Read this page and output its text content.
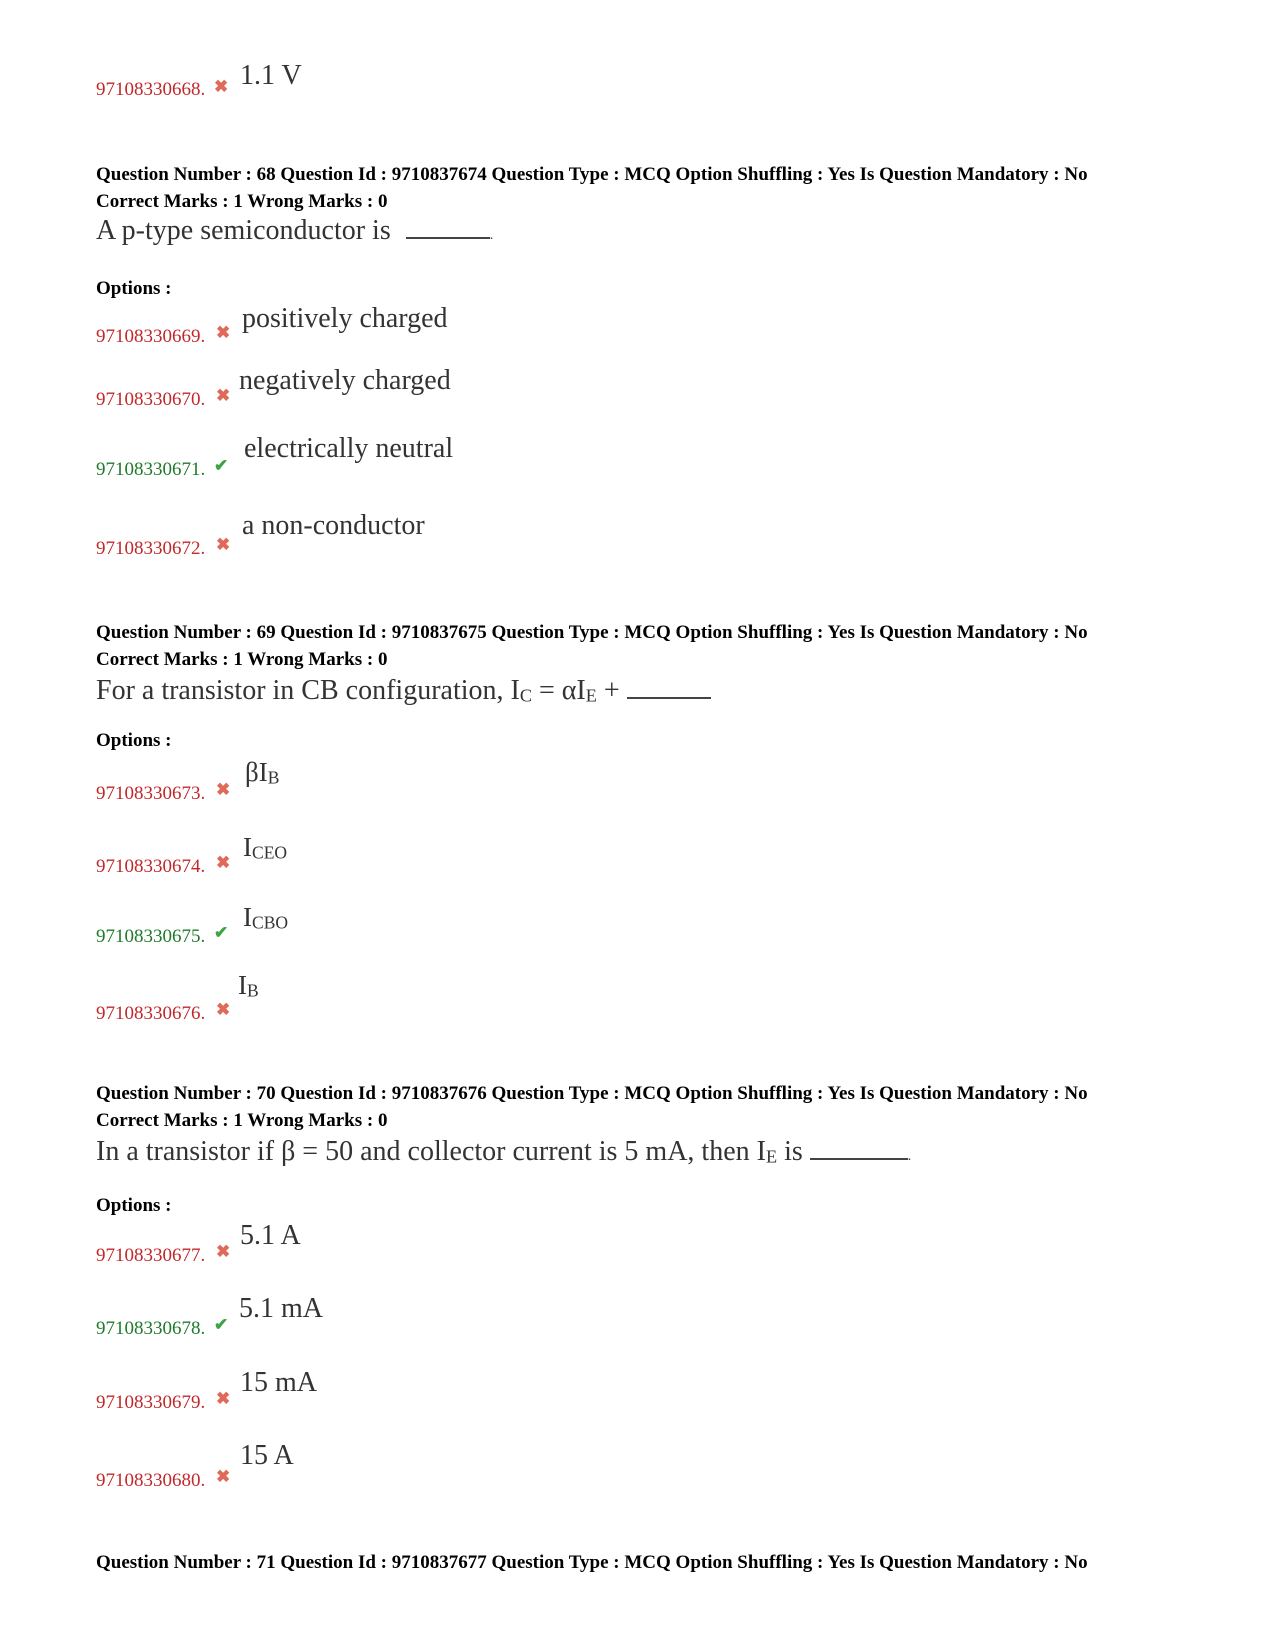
97108330668. ✖ 1.1 V
Question Number : 68 Question Id : 9710837674 Question Type : MCQ Option Shuffling : Yes Is Question Mandatory : No
Correct Marks : 1 Wrong Marks : 0
A p-type semiconductor is	.
Options :
97108330669. ✖ positively charged
97108330670. ✖ negatively charged
97108330671. ✔
electrically neutral
97108330672. ✖
a non-conductor
Question Number : 69 Question Id : 9710837675 Question Type : MCQ Option Shuffling : Yes Is Question Mandatory : No
Correct Marks : 1 Wrong Marks : 0
For a transistor in CB configuration, $I_C = \alpha I_E$ +
Options :
97108330673. ✖
$\beta I_B$
97108330674. ✖
$I_{CEO}$
97108330675. ✔
$I_{CBO}$
97108330676. ✖
$I_B$
Question Number : 70 Question Id : 9710837676 Question Type : MCQ Option Shuffling : Yes Is Question Mandatory : No
Correct Marks : 1 Wrong Marks : 0
In a transistor if β = 50 and collector current is 5 mA, then $I_E$ is	.
Options :
97108330677. ✖
5.1 A
97108330678. ✔
5.1 mA
97108330679. ✖
15 mA
97108330680. ✖
15 A
Question Number : 71 Question Id : 9710837677 Question Type : MCQ Option Shuffling : Yes Is Question Mandatory : No
